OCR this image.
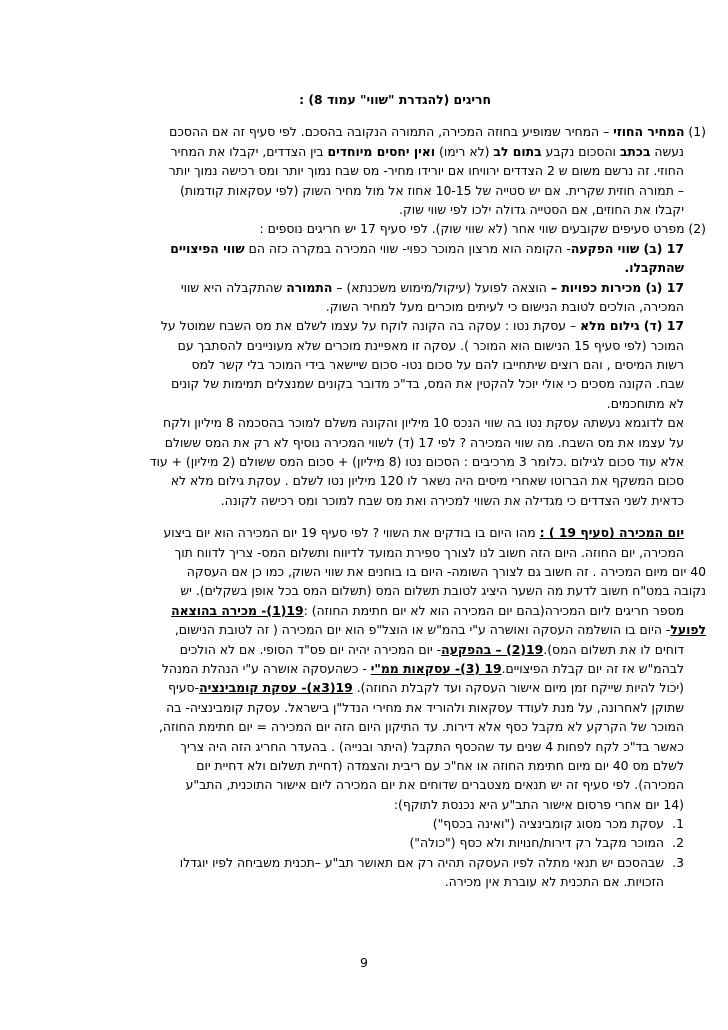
חריגים (להגדרת "שווי" עמוד 8) :
(1) המחיר החוזי – המחיר שמופיע בחוזה המכירה, התמורה הנקובה בהסכם. לפי סעיף זה אם ההסכם
נעשה בכתב והסכום נקבע בתום לב (לא רימו) ואין יחסים מיוחדים בין הצדדים, יקבלו את המחיר
החוזי. זה נרשם משום ש 2 הצדדים ירוויחו אם יורידו מחיר- מס שבח נמוך יותר ומס רכישה נמוך יותר
– תמורה חוזית שקרית. אם יש סטייה של 10-15 אחוז אל מול מחיר השוק (לפי עסקאות קודמות)
יקבלו את החוזים, אם הסטייה גדולה ילכו לפי שווי שוק.
(2) מפרט סעיפים שקובעים שווי אחר (לא שווי שוק). לפי סעיף 17 יש חריגים נוספים :
17 (ב) שווי הפקעה- הקומה הוא מרצון המוכר כפוי- שווי המכירה במקרה כזה הם שווי הפיצויים
שהתקבלו.
17 (ג) מכירות כפויות – הוצאה לפועל (עיקול/מימוש משכנתא) – התמורה שהתקבלה היא שווי
המכירה, הולכים לטובת הנישום כי לעיתים מוכרים מעל למחיר השוק.
17 (ד) גילום מלא – עסקת נטו : עסקה בה הקונה לוקח על עצמו לשלם את מס השבח שמוטל על
המוכר (לפי סעיף 15 הנישום הוא המוכר ). עסקה זו מאפיינת מוכרים שלא מעוניינים להסתבך עם
רשות המיסים , והם רוצים שיתחייבו להם על סכום נטו- סכום שיישאר בידי המוכר בלי קשר למס
שבח. הקונה מסכים כי אולי יוכל להקטין את המס, בד"כ מדובר בקונים שמנצלים תמימות של קונים
לא מתוחכמים.
אם לדוגמא נעשתה עסקת נטו בה שווי הנכס 10 מיליון והקונה משלם למוכר בהסכמה 8 מיליון ולקח
על עצמו את מס השבח. מה שווי המכירה ? לפי 17 (ד) לשווי המכירה נוסיף לא רק את המס ששולם
אלא עוד סכום לגילום .כלומר 3 מרכיבים : הסכום נטו (8 מיליון) + סכום המס ששולם (2 מיליון) + עוד
סכום המשקף את הברוטו שאחרי מיסים היה נשאר לו 120 מיליון נטו לשלם . עסקת גילום מלא לא
כדאית לשני הצדדים כי מגדילה את השווי למכירה ואת מס שבח למוכר ומס רכישה לקונה.
יום המכירה (סעיף 19 ) : מהו היום בו בודקים את השווי ? לפי סעיף 19 יום המכירה הוא יום ביצוע
המכירה, יום החוזה. היום הזה חשוב לנו לצורך ספירת המועד לדיווח ותשלום המס- צריך לדווח תוך
40 יום מיום המכירה . זה חשוב גם לצורך השומה- היום בו בוחנים את שווי השוק, כמו כן אם העסקה
נקובה במט"ח חשוב לדעת מה השער היציג לטובת תשלום המס (תשלום המס בכל אופן בשקלים). יש
מספר חריגים ליום המכירה(בהם יום המכירה הוא לא יום חתימת החוזה) :19(1)- מכירה בהוצאה
לפועל- היום בו הושלמה העסקה ואושרה ע"י בהמ"ש או הוצל"פ הוא יום המכירה ( זה לטובת הנישום,
דוחים לו את תשלום המס).19(2) – בהפקעה- יום המכירה יהיה יום פס"ד הסופי. אם לא הולכים
לבהמ"ש אז זה יום קבלת הפיצויים.19 (3)- עסקאות ממ"י - כשהעסקה אושרה ע"י הנהלת המנהל
(יכול להיות שייקח זמן מיום אישור העסקה ועד לקבלת החוזה). 19(3א)- עסקת קומבינציה-סעיף
שתוקן לאחרונה, על מנת לעודד עסקאות ולהוריד את מחירי הנדל"ן בישראל. עסקת קומבינציה- בה
המוכר של הקרקע לא מקבל כסף אלא דירות. עד התיקון היום הזה יום המכירה = יום חתימת החוזה,
כאשר בד"כ לקח לפחות 4 שנים עד שהכסף התקבל (היתר ובנייה) . בהעדר החריג הזה היה צריך
לשלם מס 40 יום מיום חתימת החוזה או אח"כ עם ריבית והצמדה (דחיית תשלום ולא דחיית יום
המכירה). לפי סעיף זה יש תנאים מצטברים שדוחים את יום המכירה ליום אישור התוכנית, התב"ע
(14 יום אחרי פרסום אישור התב"ע היא נכנסת לתוקף):
1.עסקת מכר מסוג קומבינציה ("ואינה בכסף")
2.המוכר מקבל רק דירות/חנויות ולא כסף ("כולה")
3.שבהסכם יש תנאי מתלה לפיו העסקה תהיה רק אם תאושר תב"ע –תכנית משביחה לפיו יוגדלו
הזכויות. אם התכנית לא עוברת אין מכירה.
9
